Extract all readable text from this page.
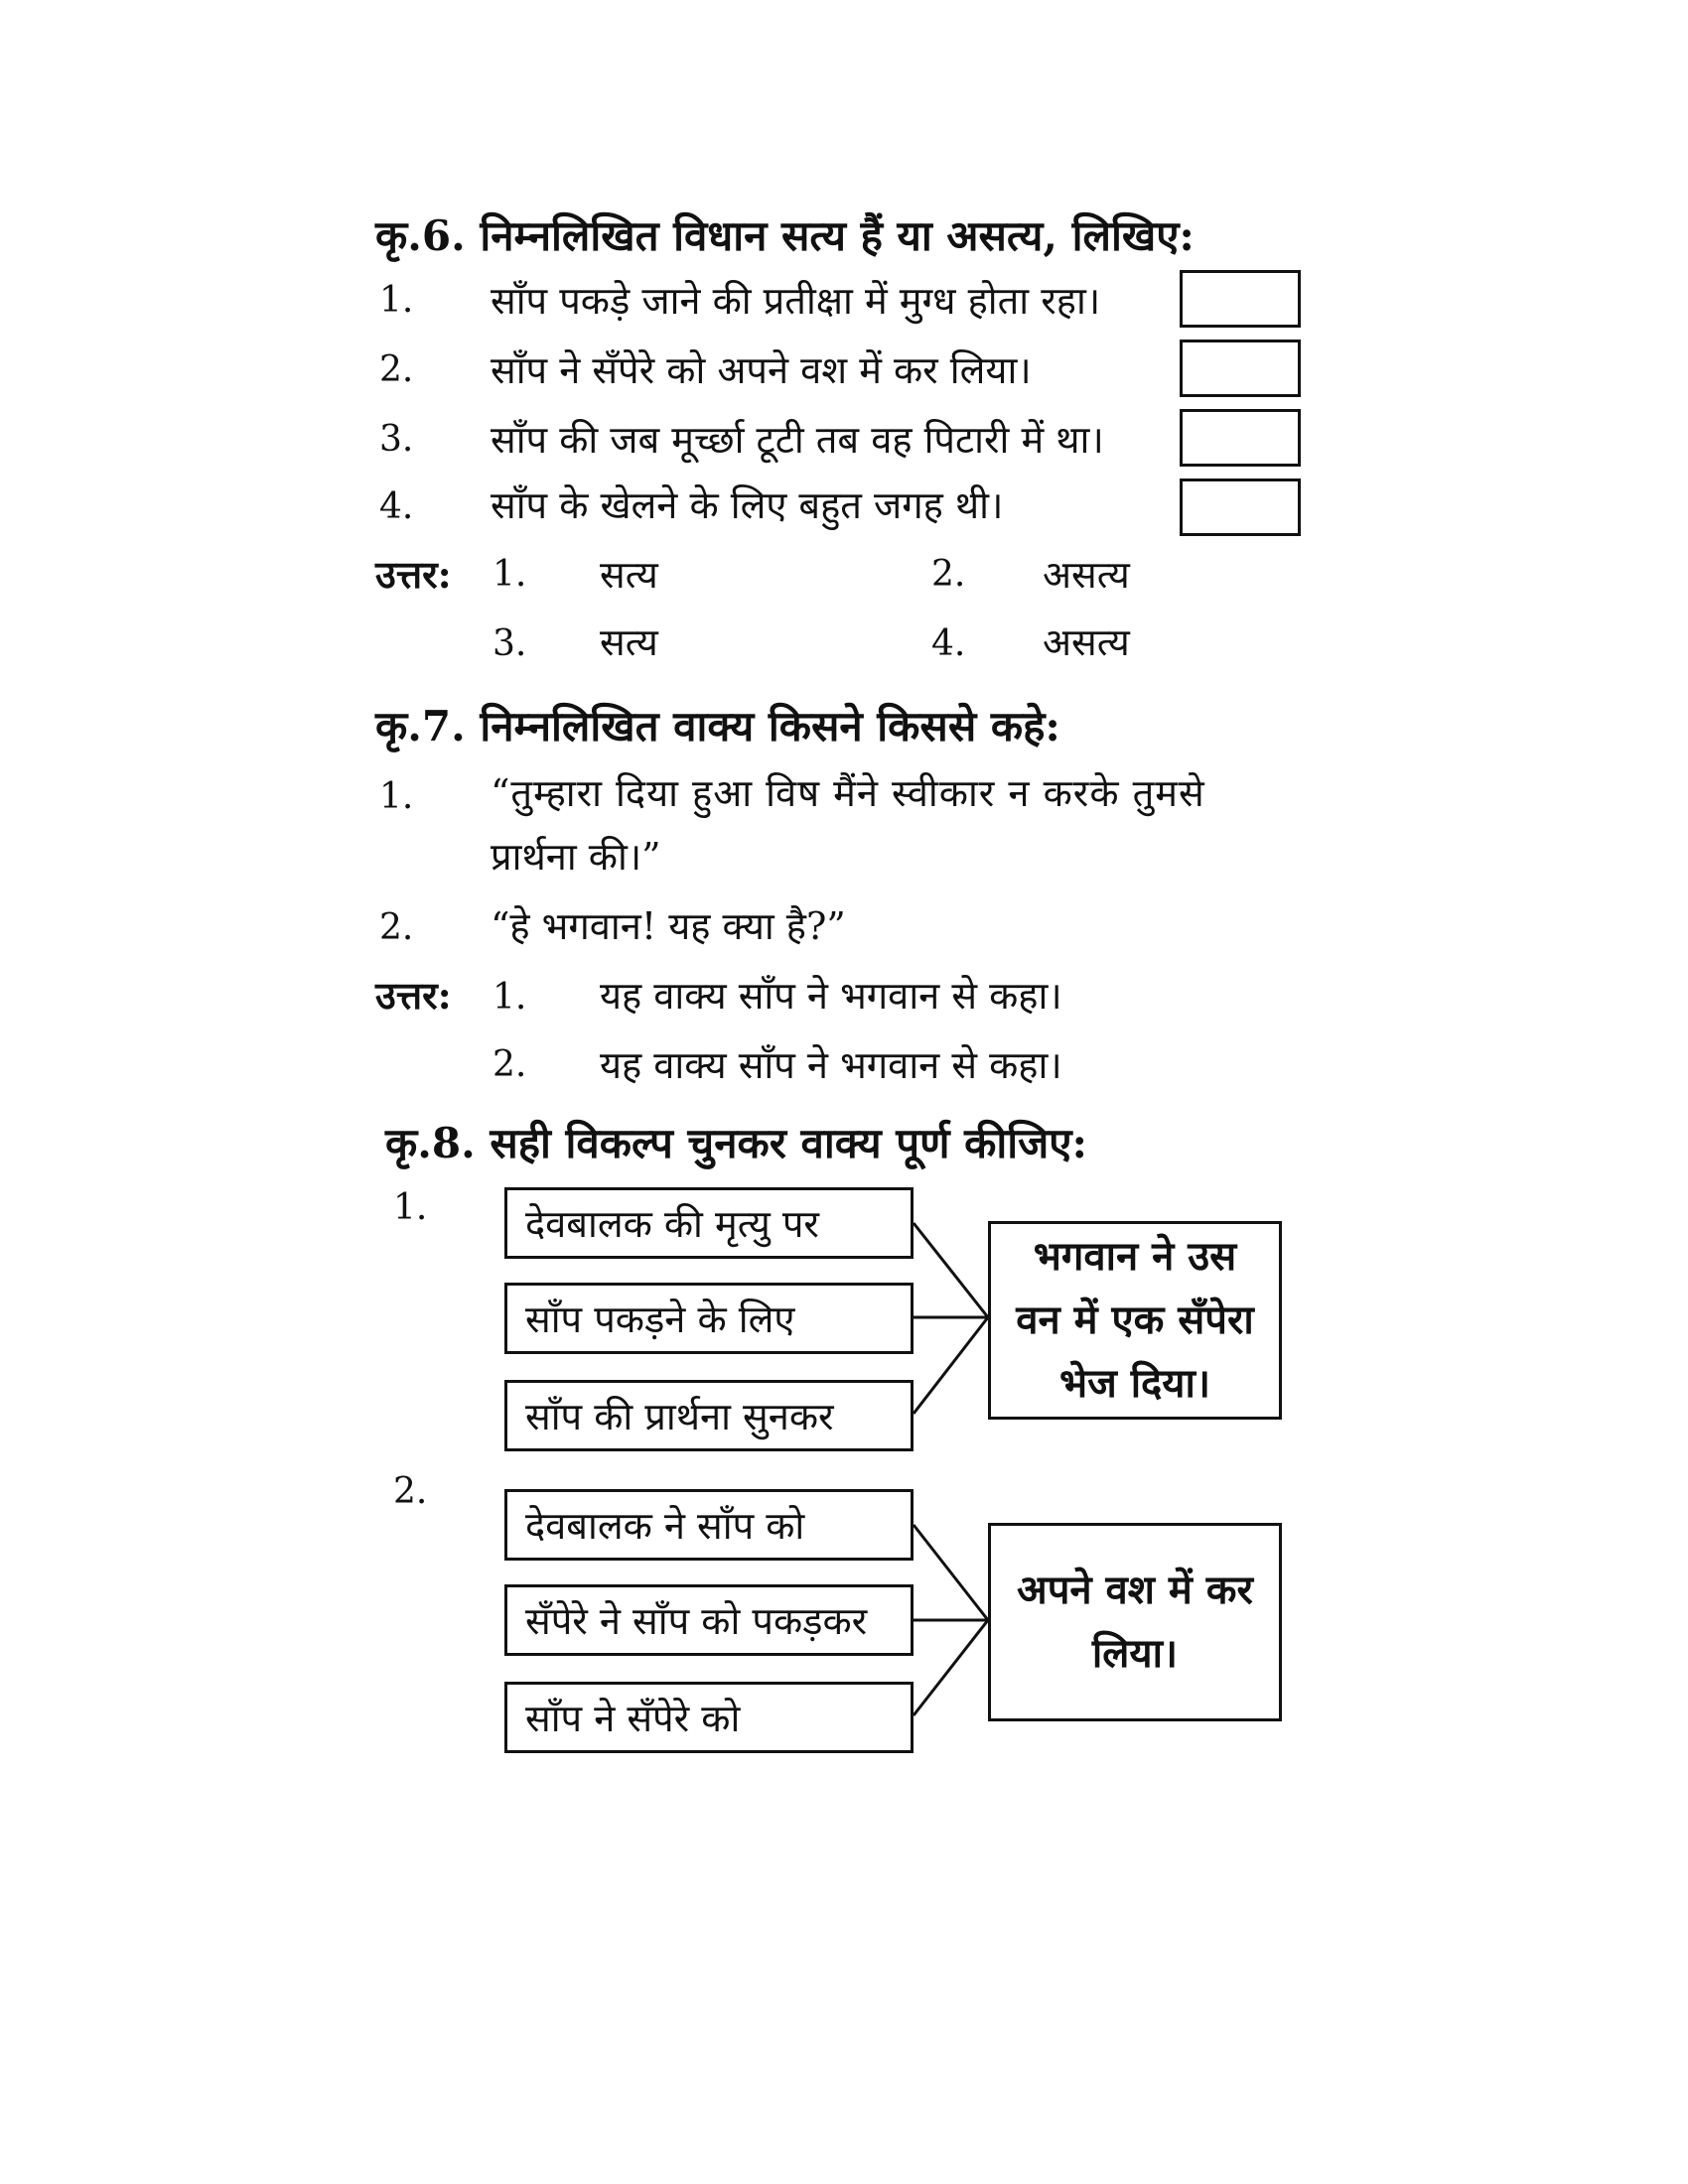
कृ.6. निम्नलिखित विधान सत्य हैं या असत्य, लिखिए:
1. साँप पकड़े जाने की प्रतीक्षा में मुग्ध होता रहा।
2. साँप ने सँपेरे को अपने वश में कर लिया।
3. साँप की जब मूर्च्छा टूटी तब वह पिटारी में था।
4. साँप के खेलने के लिए बहुत जगह थी।
उत्तर: 1. सत्य	2. असत्य
3. सत्य	4. असत्य
कृ.7. निम्नलिखित वाक्य किसने किससे कहे:
1. “तुम्हारा दिया हुआ विष मैंने स्वीकार न करके तुमसे
प्रार्थना की।”
2. “हे भगवान! यह क्या है?”
उत्तर: 1. यह वाक्य साँप ने भगवान से कहा।
2. यह वाक्य साँप ने भगवान से कहा।
कृ.8. सही विकल्प चुनकर वाक्य पूर्ण कीजिए:
1.	देवबालक की मृत्यु पर
साँप पकड़ने के लिए
साँप की प्रार्थना सुनकर
भगवान ने उस वन में एक सँपेरा भेज दिया।
2.
देवबालक ने साँप को
सँपेरे ने साँप को पकड़कर
साँप ने सँपेरे को
अपने वश में कर लिया।
